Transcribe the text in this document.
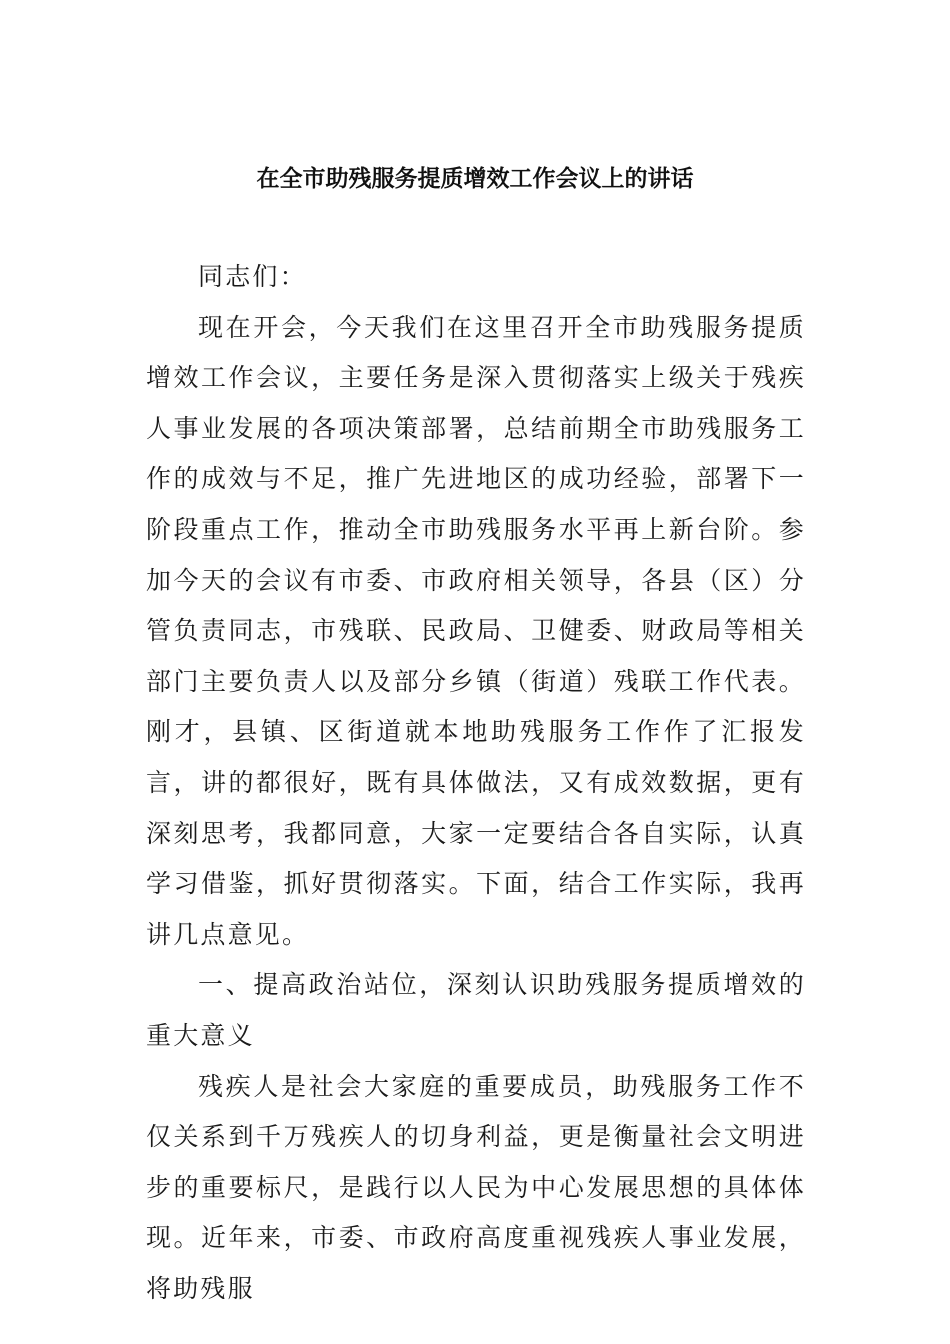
在全市助残服务提质增效工作会议上的讲话

同志们：

现在开会，今天我们在这里召开全市助残服务提质增效工作会议，主要任务是深入贯彻落实上级关于残疾人事业发展的各项决策部署，总结前期全市助残服务工作的成效与不足，推广先进地区的成功经验，部署下一阶段重点工作，推动全市助残服务水平再上新台阶。参加今天的会议有市委、市政府相关领导，各县（区）分管负责同志，市残联、民政局、卫健委、财政局等相关部门主要负责人以及部分乡镇（街道）残联工作代表。刚才，县镇、区街道就本地助残服务工作作了汇报发言，讲的都很好，既有具体做法，又有成效数据，更有深刻思考，我都同意，大家一定要结合各自实际，认真学习借鉴，抓好贯彻落实。下面，结合工作实际，我再讲几点意见。

一、提高政治站位，深刻认识助残服务提质增效的重大意义

残疾人是社会大家庭的重要成员，助残服务工作不仅关系到千万残疾人的切身利益，更是衡量社会文明进步的重要标尺，是践行以人民为中心发展思想的具体体现。近年来，市委、市政府高度重视残疾人事业发展，将助残服
